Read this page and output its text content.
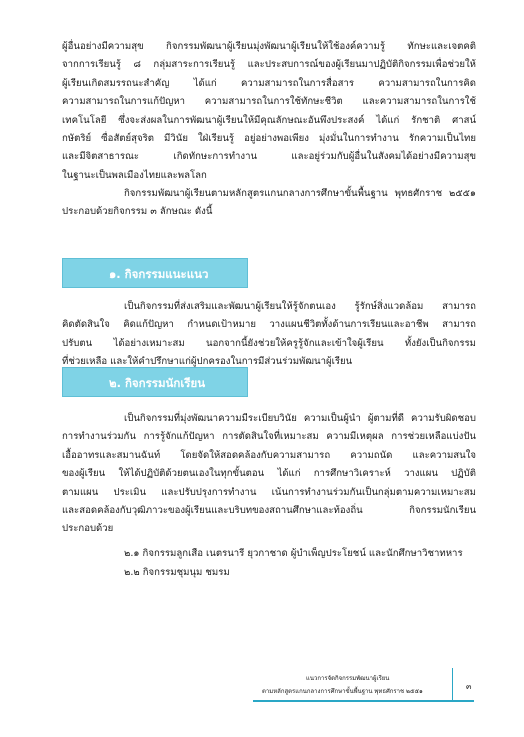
ผู้อื่นอย่างมีความสุข กิจกรรมพัฒนาผู้เรียนมุ่งพัฒนาผู้เรียนให้ใช้องค์ความรู้ ทักษะและเจตคติ
จากการเรียนรู้ ๘ กลุ่มสาระการเรียนรู้ และประสบการณ์ของผู้เรียนมาปฏิบัติกิจกรรมเพื่อช่วยให้
ผู้เรียนเกิดสมรรถนะสำคัญ ได้แก่ ความสามารถในการสื่อสาร ความสามารถในการคิด
ความสามารถในการแก้ปัญหา ความสามารถในการใช้ทักษะชีวิต และความสามารถในการใช้
เทคโนโลยี ซึ่งจะส่งผลในการพัฒนาผู้เรียนให้มีคุณลักษณะอันพึงประสงค์ ได้แก่ รักชาติ ศาสน์
กษัตริย์ ซื่อสัตย์สุจริต มีวินัย ใฝ่เรียนรู้ อยู่อย่างพอเพียง มุ่งมั่นในการทำงาน รักความเป็นไทย
และมีจิตสาธารณะ เกิดทักษะการทำงาน และอยู่ร่วมกับผู้อื่นในสังคมได้อย่างมีความสุข
ในฐานะเป็นพลเมืองไทยและพลโลก
กิจกรรมพัฒนาผู้เรียนตามหลักสูตรแกนกลางการศึกษาขั้นพื้นฐาน พุทธศักราช ๒๕๕๑
ประกอบด้วยกิจกรรม ๓ ลักษณะ ดังนี้
๑. กิจกรรมแนะแนว
เป็นกิจกรรมที่ส่งเสริมและพัฒนาผู้เรียนให้รู้จักตนเอง รู้รักษ์สิ่งแวดล้อม สามารถ
คิดตัดสินใจ คิดแก้ปัญหา กำหนดเป้าหมาย วางแผนชีวิตทั้งด้านการเรียนและอาชีพ สามารถ
ปรับตน ได้อย่างเหมาะสม นอกจากนี้ยังช่วยให้ครูรู้จักและเข้าใจผู้เรียน ทั้งยังเป็นกิจกรรม
ที่ช่วยเหลือ และให้คำปรึกษาแก่ผู้ปกครองในการมีส่วนร่วมพัฒนาผู้เรียน
๒. กิจกรรมนักเรียน
เป็นกิจกรรมที่มุ่งพัฒนาความมีระเบียบวินัย ความเป็นผู้นำ ผู้ตามที่ดี ความรับผิดชอบ
การทำงานร่วมกัน การรู้จักแก้ปัญหา การตัดสินใจที่เหมาะสม ความมีเหตุผล การช่วยเหลือแบ่งปัน
เอื้ออาทรและสมานฉันท์ โดยจัดให้สอดคล้องกับความสามารถ ความถนัด และความสนใจ
ของผู้เรียน ให้ได้ปฏิบัติด้วยตนเองในทุกขั้นตอน ได้แก่ การศึกษาวิเคราะห์ วางแผน ปฏิบัติ
ตามแผน ประเมิน และปรับปรุงการทำงาน เน้นการทำงานร่วมกันเป็นกลุ่มตามความเหมาะสม
และสอดคล้องกับวุฒิภาวะของผู้เรียนและบริบทของสถานศึกษาและท้องถิ่น กิจกรรมนักเรียน
ประกอบด้วย
๒.๑ กิจกรรมลูกเสือ เนตรนารี ยุวกาชาด ผู้บำเพ็ญประโยชน์ และนักศึกษาวิชาทหาร
๒.๒ กิจกรรมชุมนุม ชมรม
แนวการจัดกิจกรรมพัฒนาผู้เรียน
ตามหลักสูตรแกนกลางการศึกษาขั้นพื้นฐาน พุทธศักราช ๒๕๕๑
๓
